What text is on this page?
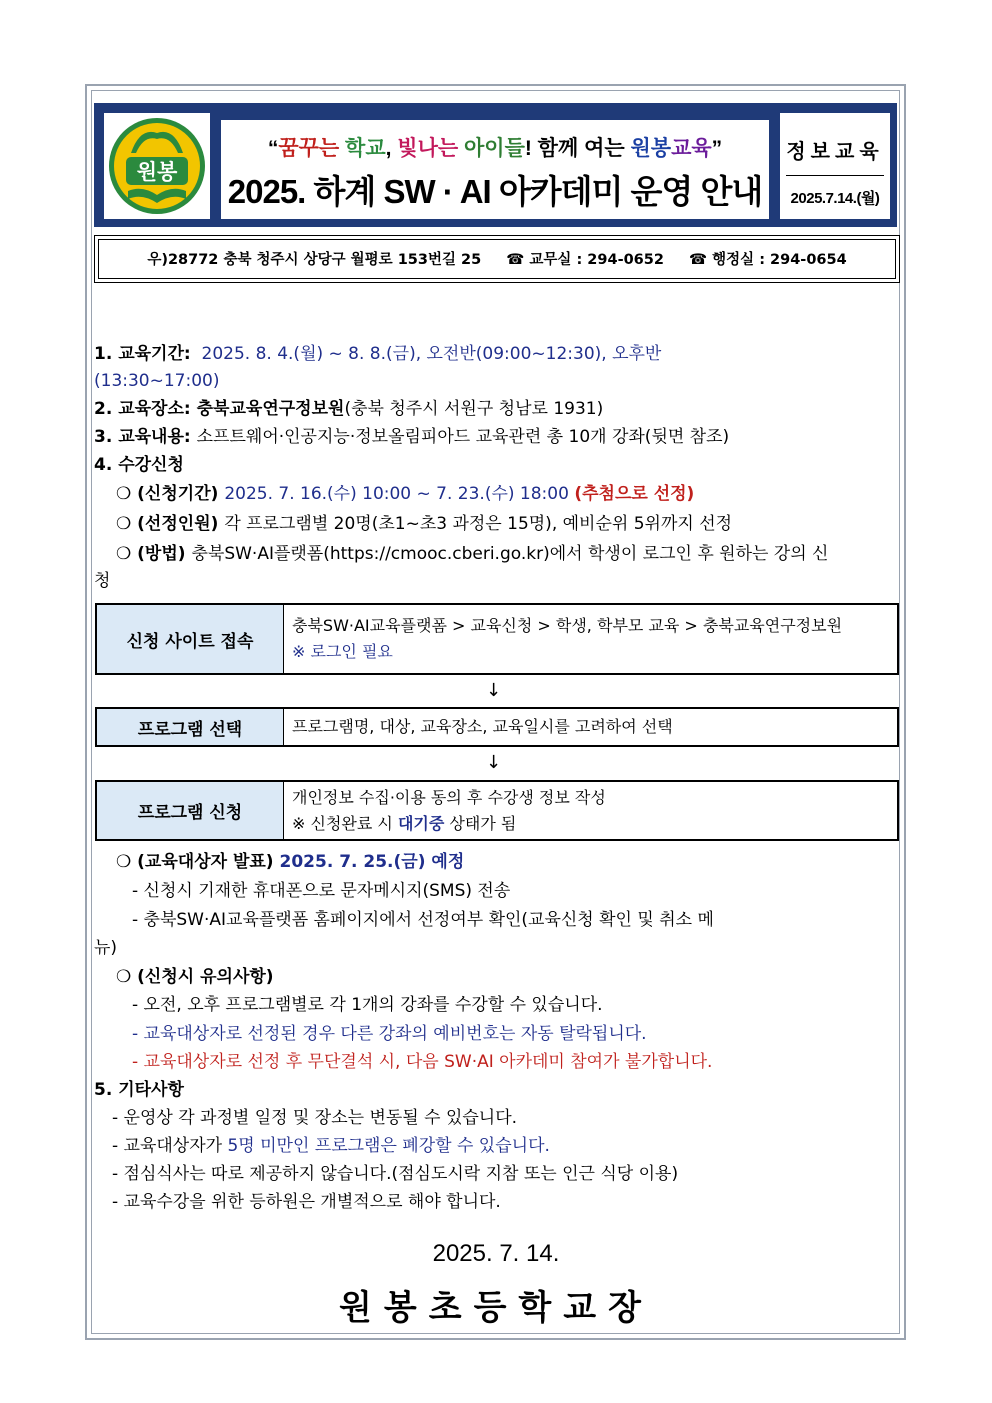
원봉
“꿈꾸는 학교, 빛나는 아이들! 함께 여는 원봉교육”
2025. 하계 SW · AI 아카데미 운영 안내
정보교육
2025.7.14.(월)
우)28772 충북 청주시 상당구 월평로 153번길 25 ☎ 교무실 : 294-0652 ☎ 행정실 : 294-0654
1. 교육기간: 2025. 8. 4.(월) ~ 8. 8.(금), 오전반(09:00~12:30), 오후반
(13:30~17:00)
2. 교육장소: 충북교육연구정보원(충북 청주시 서원구 청남로 1931)
3. 교육내용: 소프트웨어·인공지능·정보올림피아드 교육관련 총 10개 강좌(뒷면 참조)
4. 수강신청
❍ (신청기간) 2025. 7. 16.(수) 10:00 ~ 7. 23.(수) 18:00 (추첨으로 선정)
❍ (선정인원) 각 프로그램별 20명(초1~초3 과정은 15명), 예비순위 5위까지 선정
❍ (방법) 충북SW·AI플랫폼(https://cmooc.cberi.go.kr)에서 학생이 로그인 후 원하는 강의 신
청
신청 사이트 접속
충북SW·AI교육플랫폼 > 교육신청 > 학생, 학부모 교육 > 충북교육연구정보원
※ 로그인 필요
↓
프로그램 선택	프로그램명, 대상, 교육장소, 교육일시를 고려하여 선택
↓
프로그램 신청
개인정보 수집·이용 동의 후 수강생 정보 작성
※ 신청완료 시 대기중 상태가 됨
❍ (교육대상자 발표) 2025. 7. 25.(금) 예정
- 신청시 기재한 휴대폰으로 문자메시지(SMS) 전송
- 충북SW·AI교육플랫폼 홈페이지에서 선정여부 확인(교육신청 확인 및 취소 메
뉴)
❍ (신청시 유의사항)
- 오전, 오후 프로그램별로 각 1개의 강좌를 수강할 수 있습니다.
- 교육대상자로 선정된 경우 다른 강좌의 예비번호는 자동 탈락됩니다.
- 교육대상자로 선정 후 무단결석 시, 다음 SW·AI 아카데미 참여가 불가합니다.
5. 기타사항
- 운영상 각 과정별 일정 및 장소는 변동될 수 있습니다.
- 교육대상자가 5명 미만인 프로그램은 폐강할 수 있습니다.
- 점심식사는 따로 제공하지 않습니다.(점심도시락 지참 또는 인근 식당 이용)
- 교육수강을 위한 등하원은 개별적으로 해야 합니다.
2025. 7. 14.
원봉초등학교장
